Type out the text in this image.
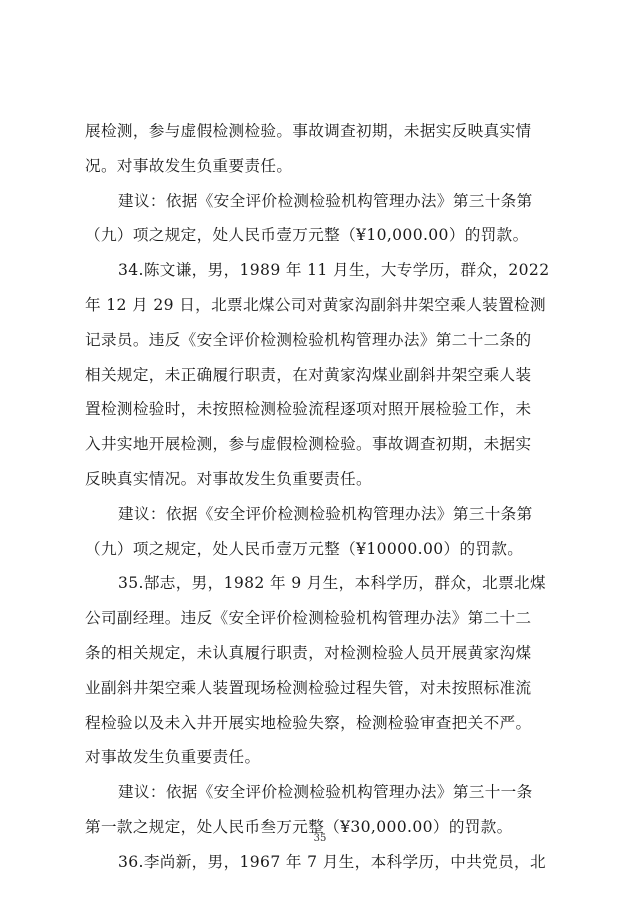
展检测，参与虚假检测检验。事故调查初期，未据实反映真实情
况。对事故发生负重要责任。
建议：依据《安全评价检测检验机构管理办法》第三十条第
（九）项之规定，处人民币壹万元整（¥10,000.00）的罚款。
34.陈文谦，男，1989 年 11 月生，大专学历，群众，2022
年 12 月 29 日，北票北煤公司对黄家沟副斜井架空乘人装置检测
记录员。违反《安全评价检测检验机构管理办法》第二十二条的
相关规定，未正确履行职责，在对黄家沟煤业副斜井架空乘人装
置检测检验时，未按照检测检验流程逐项对照开展检验工作，未
入井实地开展检测，参与虚假检测检验。事故调查初期，未据实
反映真实情况。对事故发生负重要责任。
建议：依据《安全评价检测检验机构管理办法》第三十条第
（九）项之规定，处人民币壹万元整（¥10000.00）的罚款。
35.郜志，男，1982 年 9 月生，本科学历，群众，北票北煤
公司副经理。违反《安全评价检测检验机构管理办法》第二十二
条的相关规定，未认真履行职责，对检测检验人员开展黄家沟煤
业副斜井架空乘人装置现场检测检验过程失管，对未按照标准流
程检验以及未入井开展实地检验失察，检测检验审查把关不严。
对事故发生负重要责任。
建议：依据《安全评价检测检验机构管理办法》第三十一条
第一款之规定，处人民币叁万元整（¥30,000.00）的罚款。
36.李尚新，男，1967 年 7 月生，本科学历，中共党员，北
35
